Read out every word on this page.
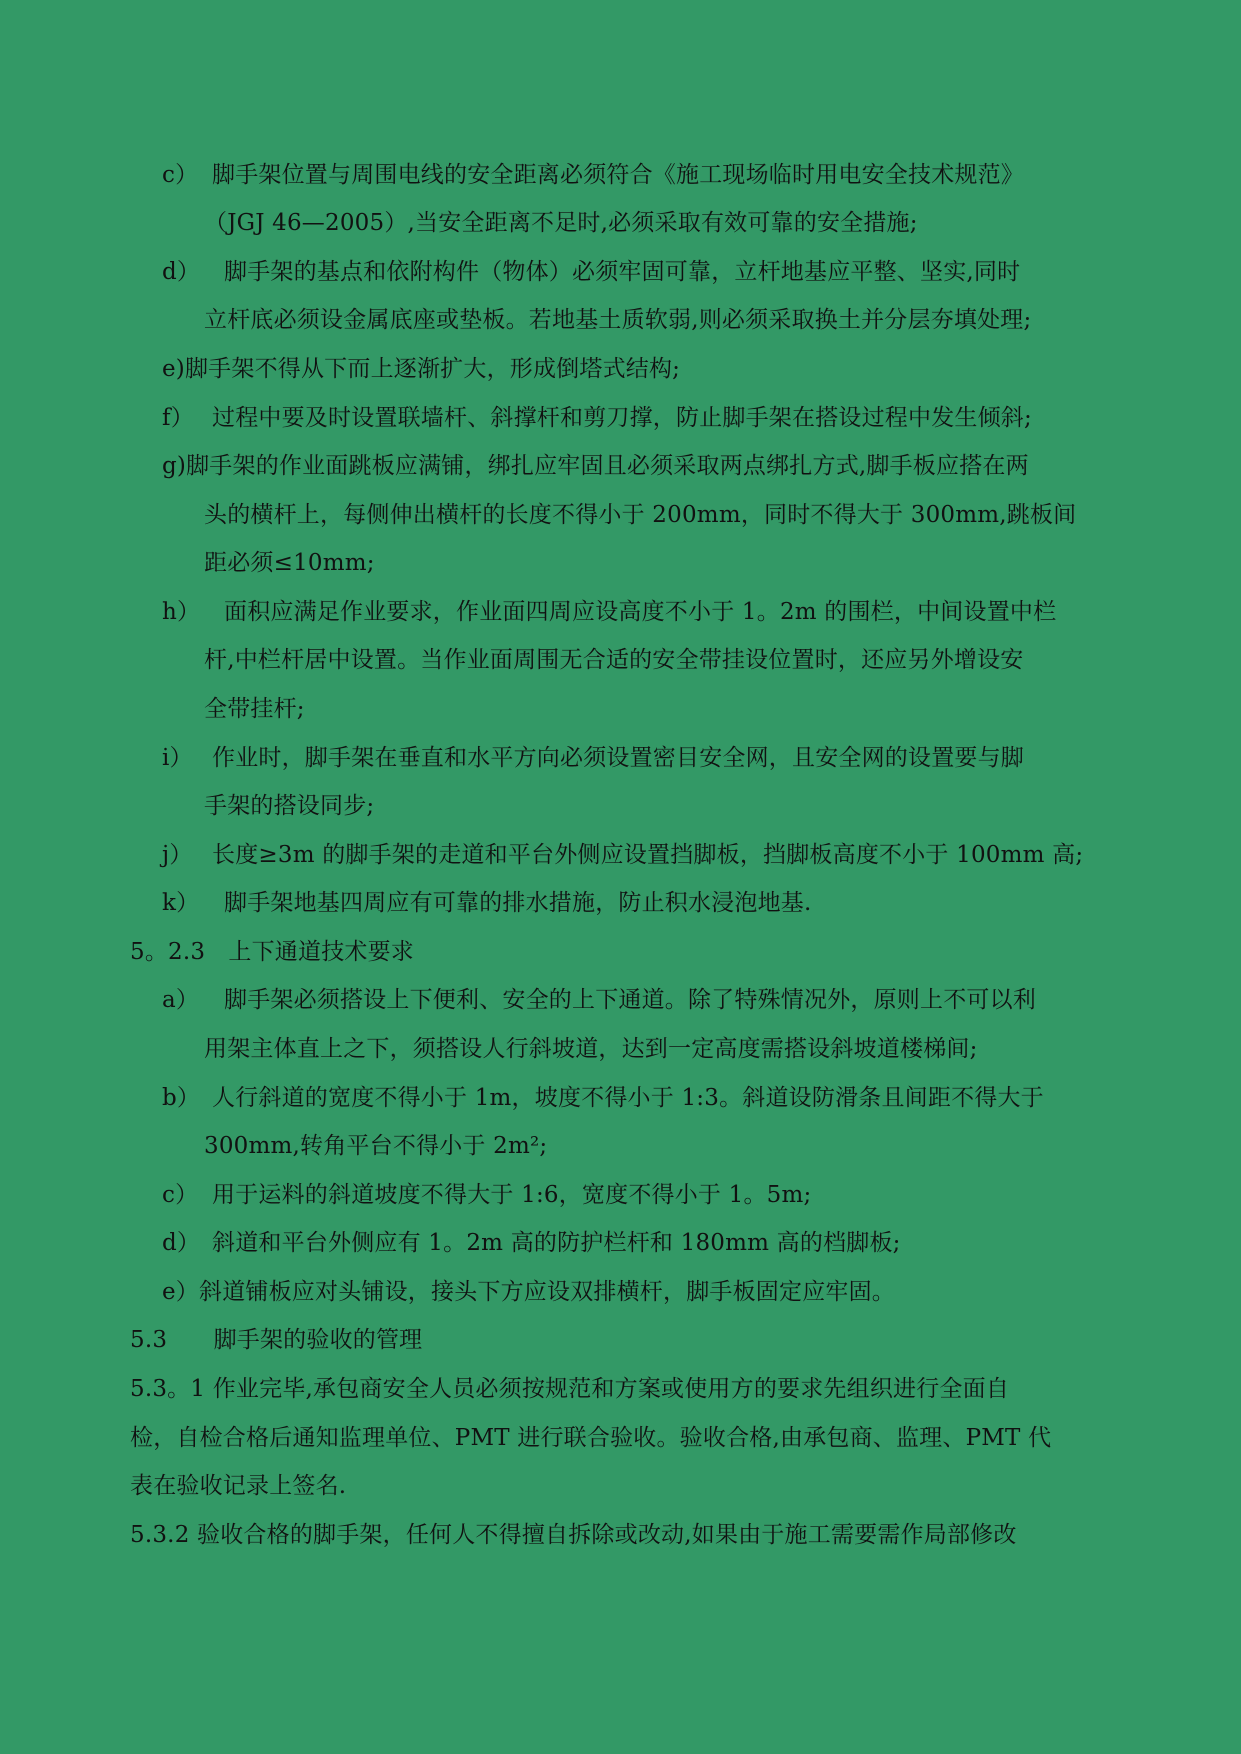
c） 脚手架位置与周围电线的安全距离必须符合《施工现场临时用电安全技术规范》
（JGJ 46—2005）,当安全距离不足时,必须采取有效可靠的安全措施;
d） 脚手架的基点和依附构件（物体）必须牢固可靠，立杆地基应平整、坚实,同时
立杆底必须设金属底座或垫板。若地基土质软弱,则必须采取换土并分层夯填处理;
e)脚手架不得从下而上逐渐扩大，形成倒塔式结构;
f） 过程中要及时设置联墙杆、斜撑杆和剪刀撑，防止脚手架在搭设过程中发生倾斜;
g)脚手架的作业面跳板应满铺，绑扎应牢固且必须采取两点绑扎方式,脚手板应搭在两
头的横杆上，每侧伸出横杆的长度不得小于 200mm，同时不得大于 300mm,跳板间
距必须≤10mm;
h） 面积应满足作业要求，作业面四周应设高度不小于 1。2m 的围栏，中间设置中栏
杆,中栏杆居中设置。当作业面周围无合适的安全带挂设位置时，还应另外增设安
全带挂杆;
i） 作业时，脚手架在垂直和水平方向必须设置密目安全网，且安全网的设置要与脚
手架的搭设同步;
j） 长度≥3m 的脚手架的走道和平台外侧应设置挡脚板，挡脚板高度不小于 100mm 高;
k） 脚手架地基四周应有可靠的排水措施，防止积水浸泡地基.
5。2.3　上下通道技术要求
a） 脚手架必须搭设上下便利、安全的上下通道。除了特殊情况外，原则上不可以利
用架主体直上之下，须搭设人行斜坡道，达到一定高度需搭设斜坡道楼梯间;
b） 人行斜道的宽度不得小于 1m，坡度不得小于 1:3。斜道设防滑条且间距不得大于
300mm,转角平台不得小于 2m²;
c） 用于运料的斜道坡度不得大于 1:6，宽度不得小于 1。5m;
d） 斜道和平台外侧应有 1。2m 高的防护栏杆和 180mm 高的档脚板;
e）斜道铺板应对头铺设，接头下方应设双排横杆，脚手板固定应牢固。
5.3　　脚手架的验收的管理
5.3。1 作业完毕,承包商安全人员必须按规范和方案或使用方的要求先组织进行全面自
检，自检合格后通知监理单位、PMT 进行联合验收。验收合格,由承包商、监理、PMT 代
表在验收记录上签名.
5.3.2 验收合格的脚手架，任何人不得擅自拆除或改动,如果由于施工需要需作局部修改
